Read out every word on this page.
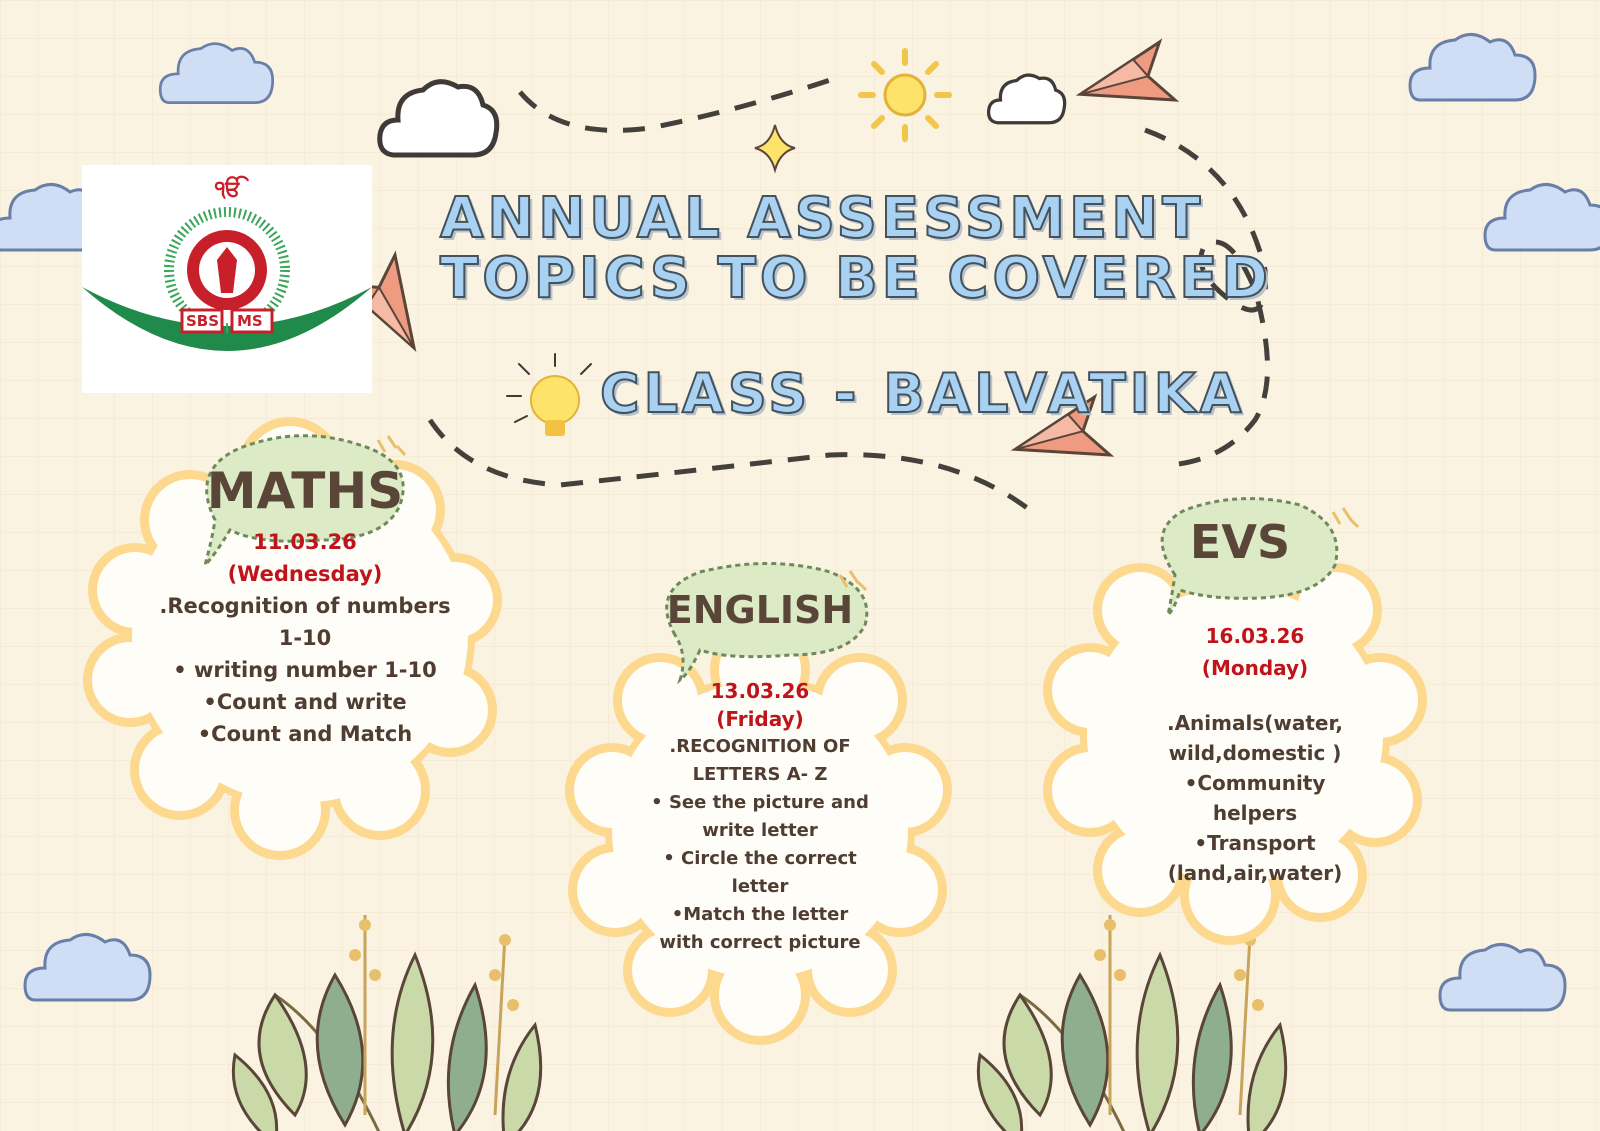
ੴ
SBS MS
ANNUAL ASSESSMENT
TOPICS TO BE COVERED
CLASS - BALVATIKA
MATHS
11.03.26
(Wednesday)
.Recognition of numbers
1-10
• writing number 1-10
•Count and write
•Count and Match
ENGLISH
13.03.26
(Friday)
.RECOGNITION OF
LETTERS A- Z
• See the picture and
write letter
• Circle the correct
letter
•Match the letter
with correct picture
EVS
16.03.26
(Monday)
.Animals(water,
wild,domestic )
•Community
helpers
•Transport
(land,air,water)
